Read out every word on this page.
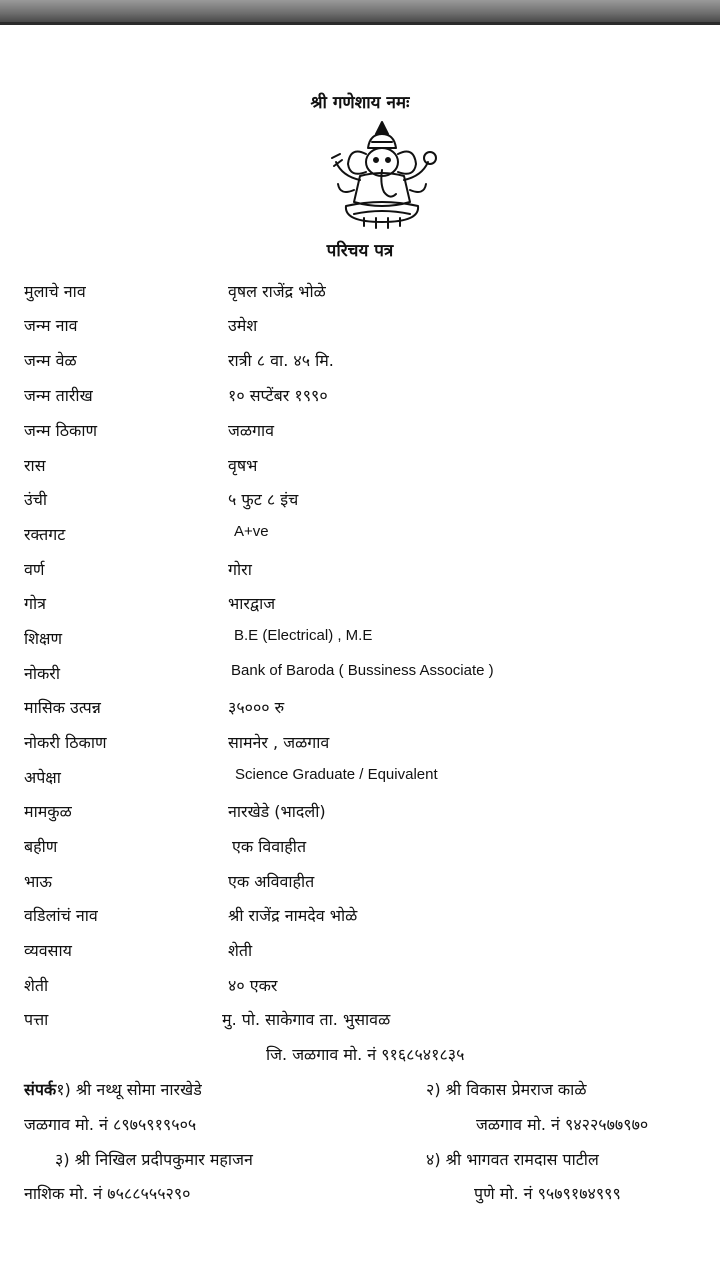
श्री गणेशाय नमः
परिचय पत्र
मुलाचे नाव	वृषल राजेंद्र भोळे
जन्म नाव	उमेश
जन्म वेळ	रात्री ८ वा. ४५ मि.
जन्म तारीख	१० सप्टेंबर १९९०
जन्म ठिकाण	जळगाव
रास	वृषभ
उंची	५ फुट ८ इंच
रक्तगट	A+ve
वर्ण	गोरा
गोत्र	भारद्वाज
शिक्षण	B.E (Electrical) , M.E
नोकरी	Bank of Baroda ( Bussiness Associate )
मासिक उत्पन्न	३५००० रु
नोकरी ठिकाण	सामनेर , जळगाव
अपेक्षा	Science Graduate / Equivalent
मामकुळ	नारखेडे (भादली)
बहीण	एक विवाहीत
भाऊ	एक अविवाहीत
वडिलांचं नाव	श्री राजेंद्र नामदेव भोळे
व्यवसाय	शेती
शेती	४० एकर
पत्ता	मु. पो. साकेगाव ता. भुसावळ
जि. जळगाव मो. नं ९१६८५४१८३५
संपर्क१) श्री नथ्थू सोमा नारखेडे	२) श्री विकास प्रेमराज काळे
जळगाव मो. नं ८९७५९१९५०५	जळगाव मो. नं ९४२२५७७९७०
३) श्री निखिल प्रदीपकुमार महाजन	४) श्री भागवत रामदास पाटील
नाशिक मो. नं ७५८८५५५२९०	पुणे मो. नं ९५७९१७४९९९
